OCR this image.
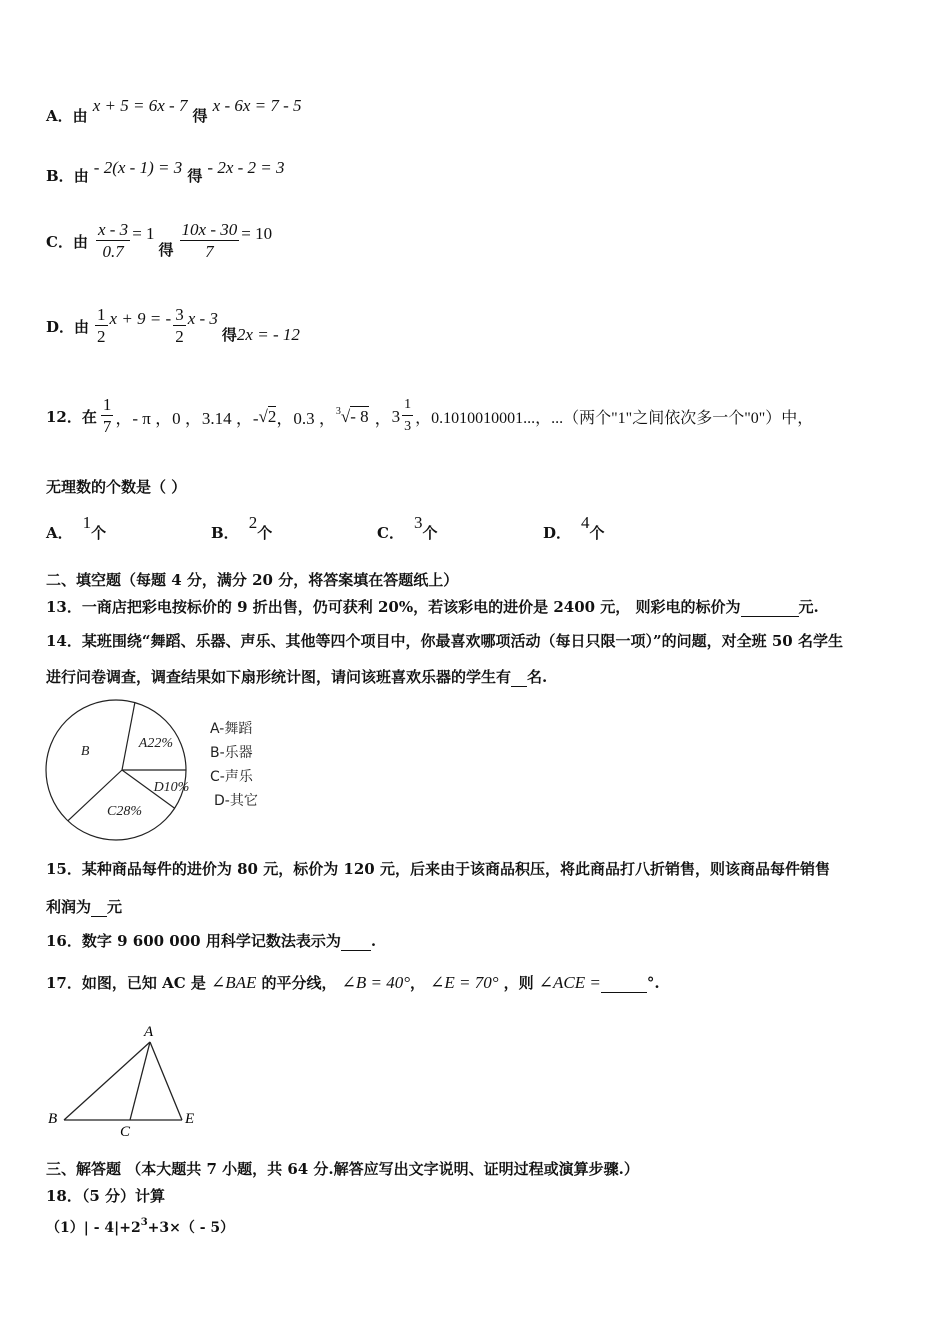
A．由 x + 5 = 6x - 7 得 x - 6x = 7 - 5
B．由 - 2(x - 1) = 3 得 - 2x - 2 = 3
C． 由 $\frac{x - 3}{0.7} = 1$
得 $\frac{10x - 30}{7} = 10$
D． 由 $\frac{1}{2}$ x + 9 = - $\frac{3}{2}$ x - 3
得 2x = - 12
12．在 $\frac{1}{7}$ ，- π ，0 ，3.14 ，- √2 ，0.3 ， $^3$√- 8 ， $3 \frac{1}{3}$ ，0.1010010001...，...（两个"1"之间依次多一个"0"）中，
无理数的个数是（ ）
A．1个	B．2个	C．3个	D．4个
二、填空题（每题 4 分，满分 20 分，将答案填在答题纸上）
13．一商店把彩电按标价的 9 折出售，仍可获利 20%，若该彩电的进价是 2400 元， 则彩电的标价为	元.
14．某班围绕“舞蹈、乐器、声乐、其他等四个项目中，你最喜欢哪项活动（每日只限一项）”的问题，对全班 50 名学生
进行问卷调查，调查结果如下扇形统计图，请问该班喜欢乐器的学生有 名.
A22%
D10%
C28%
B
A-舞蹈
B-乐器
C-声乐
D-其它
15．某种商品每件的进价为 80 元，标价为 120 元，后来由于该商品积压，将此商品打八折销售，则该商品每件销售
利润为 元
16．数字 9 600 000 用科学记数法表示为 .
17．如图，已知 AC 是 ∠BAE 的平分线， ∠B = 40°， ∠E = 70° ，则 ∠ACE =	°.
A
B
C
E
三、解答题 （本大题共 7 小题，共 64 分.解答应写出文字说明、证明过程或演算步骤.）
18．（5 分）计算
$(1)| - 4|+2^3+3\times( - 5)$
